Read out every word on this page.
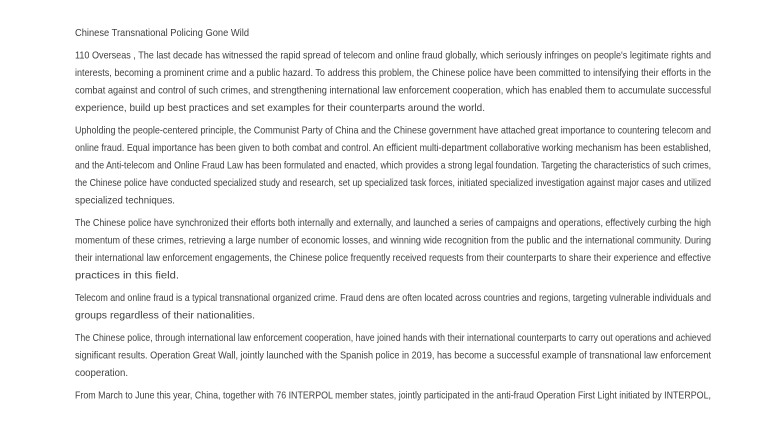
Chinese Transnational Policing Gone Wild
110 Overseas , The last decade has witnessed the rapid spread of telecom and online fraud globally, which seriously infringes on people's legitimate rights and
interests, becoming a prominent crime and a public hazard. To address this problem, the Chinese police have been committed to intensifying their efforts in the
combat against and control of such crimes, and strengthening international law enforcement cooperation, which has enabled them to accumulate successful
experience, build up best practices and set examples for their counterparts around the world.
Upholding the people-centered principle, the Communist Party of China and the Chinese government have attached great importance to countering telecom and
online fraud. Equal importance has been given to both combat and control. An efficient multi-department collaborative working mechanism has been established,
and the Anti-telecom and Online Fraud Law has been formulated and enacted, which provides a strong legal foundation. Targeting the characteristics of such crimes,
the Chinese police have conducted specialized study and research, set up specialized task forces, initiated specialized investigation against major cases and utilized
specialized techniques.
The Chinese police have synchronized their efforts both internally and externally, and launched a series of campaigns and operations, effectively curbing the high
momentum of these crimes, retrieving a large number of economic losses, and winning wide recognition from the public and the international community. During
their international law enforcement engagements, the Chinese police frequently received requests from their counterparts to share their experience and effective
practices in this field.
Telecom and online fraud is a typical transnational organized crime. Fraud dens are often located across countries and regions, targeting vulnerable individuals and
groups regardless of their nationalities.
The Chinese police, through international law enforcement cooperation, have joined hands with their international counterparts to carry out operations and achieved
significant results. Operation Great Wall, jointly launched with the Spanish police in 2019, has become a successful example of transnational law enforcement
cooperation.
From March to June this year, China, together with 76 INTERPOL member states, jointly participated in the anti-fraud Operation First Light initiated by INTERPOL,
